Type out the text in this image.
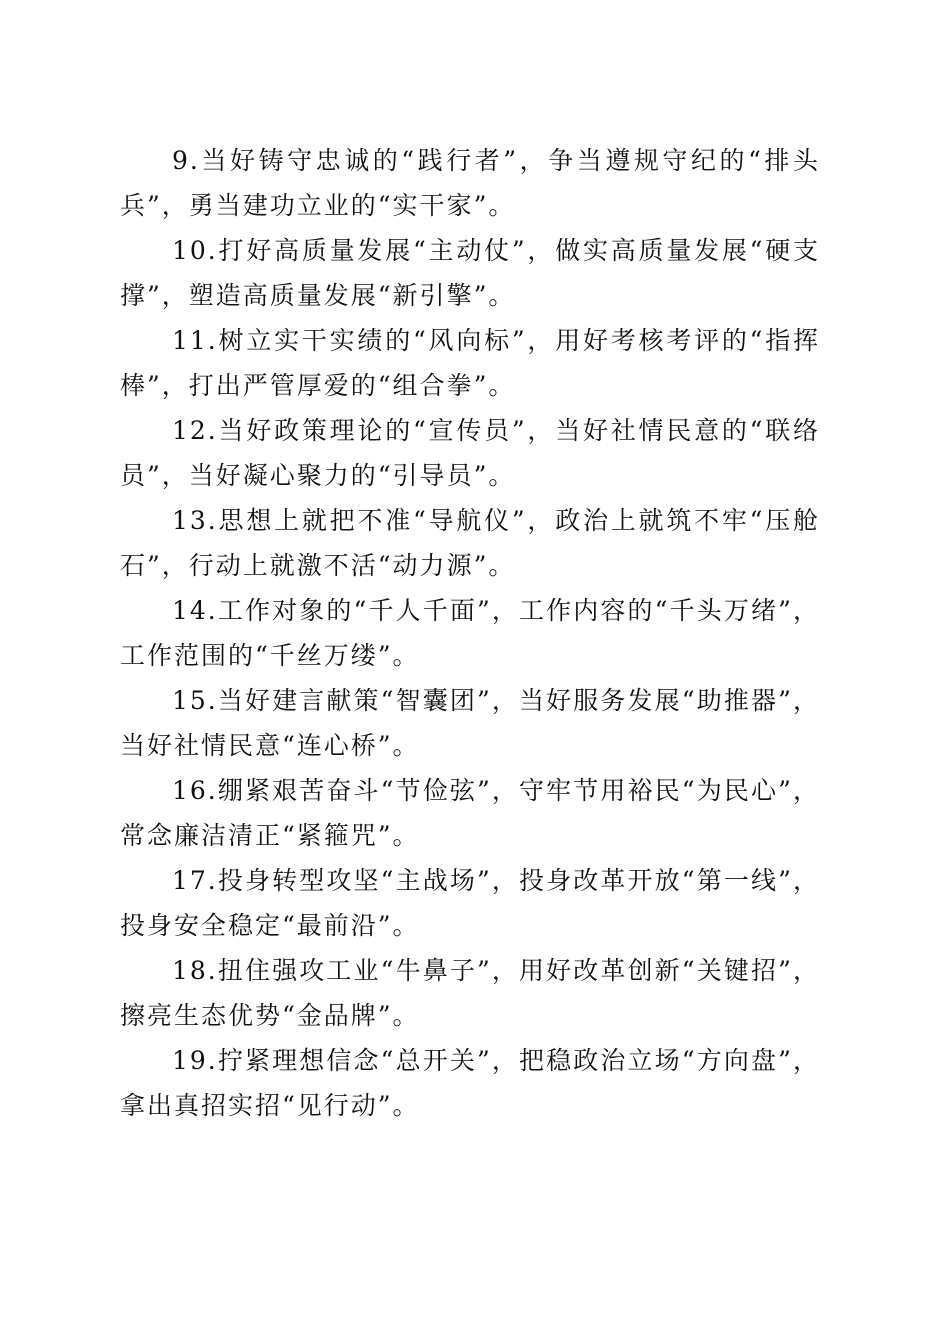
9.当好铸守忠诚的“践行者”，争当遵规守纪的“排头兵”，勇当建功立业的“实干家”。

10.打好高质量发展“主动仗”，做实高质量发展“硬支撑”，塑造高质量发展“新引擎”。

11.树立实干实绩的“风向标”，用好考核考评的“指挥棒”，打出严管厚爱的“组合拳”。

12.当好政策理论的“宣传员”，当好社情民意的“联络员”，当好凝心聚力的“引导员”。

13.思想上就把不准“导航仪”，政治上就筑不牢“压舱石”，行动上就激不活“动力源”。

14.工作对象的“千人千面”，工作内容的“千头万绪”，工作范围的“千丝万缕”。

15.当好建言献策“智囊团”，当好服务发展“助推器”，当好社情民意“连心桥”。

16.绷紧艰苦奋斗“节俭弦”，守牢节用裕民“为民心”，常念廉洁清正“紧箍咒”。

17.投身转型攻坚“主战场”，投身改革开放“第一线”，投身安全稳定“最前沿”。

18.扭住强攻工业“牛鼻子”，用好改革创新“关键招”，擦亮生态优势“金品牌”。

19.拧紧理想信念“总开关”，把稳政治立场“方向盘”，拿出真招实招“见行动”。
